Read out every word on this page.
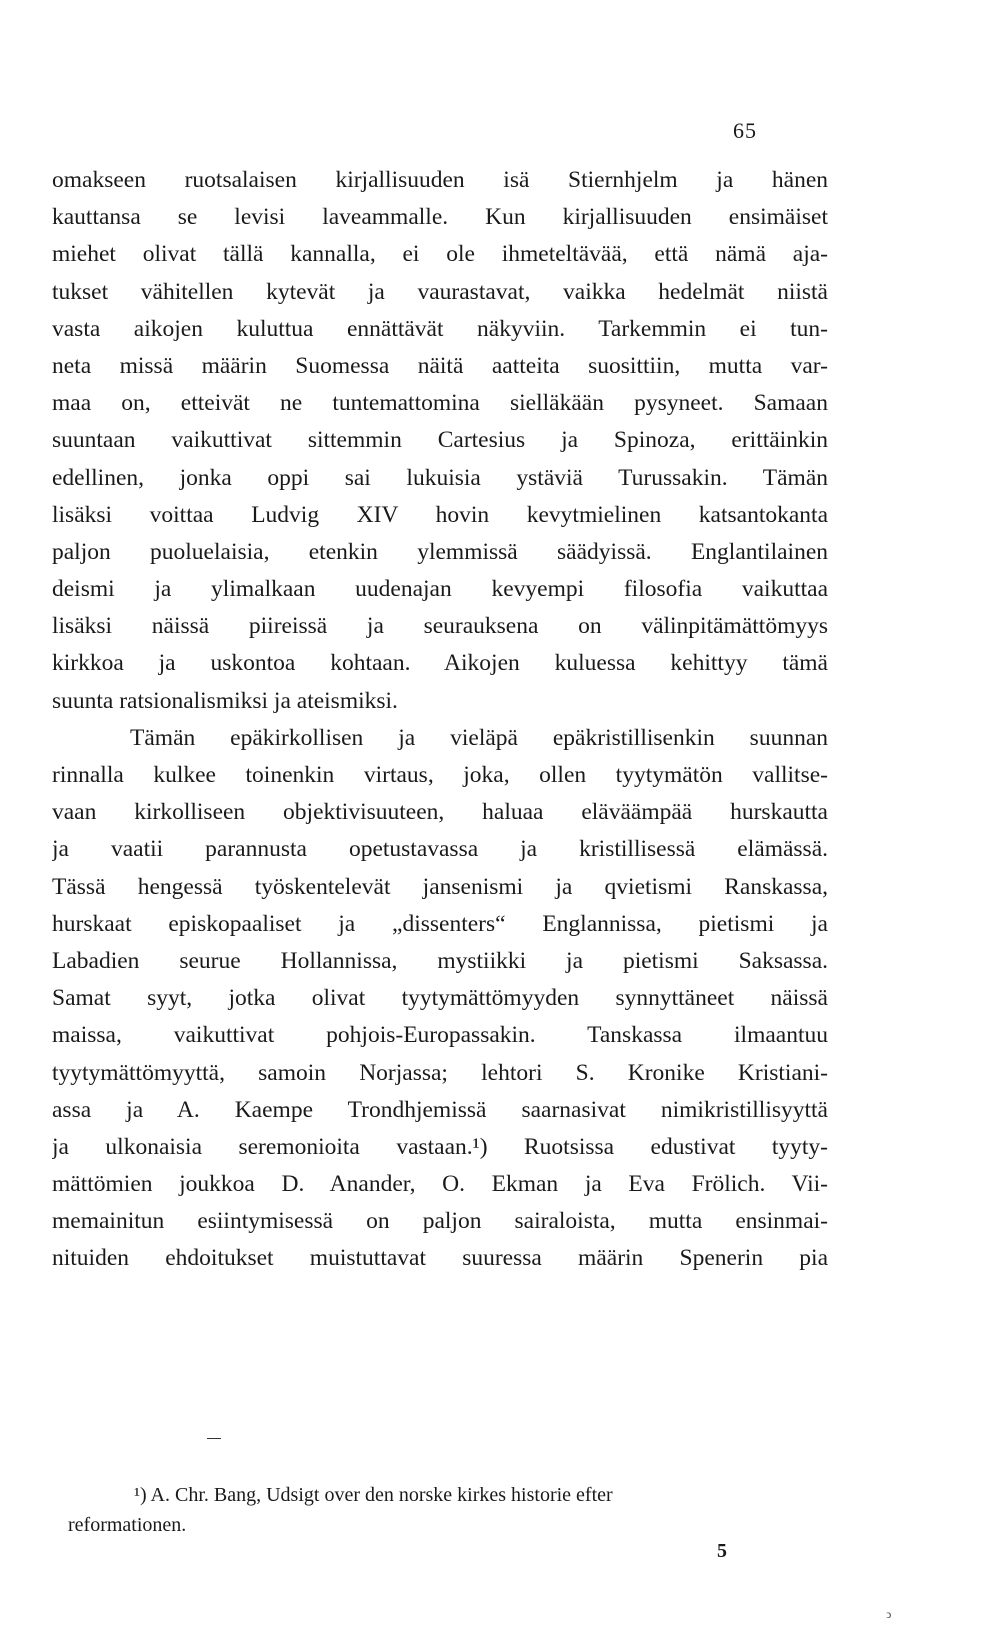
65
omakseen ruotsalaisen kirjallisuuden isä Stiernhjelm ja hänen
kauttansa se levisi laveammalle. Kun kirjallisuuden ensimäiset
miehet olivat tällä kannalla, ei ole ihmeteltävää, että nämä aja-
tukset vähitellen kytevät ja vaurastavat, vaikka hedelmät niistä
vasta aikojen kuluttua ennättävät näkyviin. Tarkemmin ei tun-
neta missä määrin Suomessa näitä aatteita suosittiin, mutta var-
maa on, etteivät ne tuntemattomina sielläkään pysyneet. Samaan
suuntaan vaikuttivat sittemmin Cartesius ja Spinoza, erittäinkin
edellinen, jonka oppi sai lukuisia ystäviä Turussakin. Tämän
lisäksi voittaa Ludvig XIV hovin kevytmielinen katsantokanta
paljon puoluelaisia, etenkin ylemmissä säädyissä. Englantilainen
deismi ja ylimalkaan uudenajan kevyempi filosofia vaikuttaa
lisäksi näissä piireissä ja seurauksena on välinpitämättömyys
kirkkoa ja uskontoa kohtaan. Aikojen kuluessa kehittyy tämä
suunta ratsionalismiksi ja ateismiksi.
Tämän epäkirkollisen ja vieläpä epäkristillisenkin suunnan
rinnalla kulkee toinenkin virtaus, joka, ollen tyytymätön vallitse-
vaan kirkolliseen objektivisuuteen, haluaa eläväämpää hurskautta
ja vaatii parannusta opetustavassa ja kristillisessä elämässä.
Tässä hengessä työskentelevät jansenismi ja qvietismi Ranskassa,
hurskaat episkopaaliset ja „dissenters“ Englannissa, pietismi ja
Labadien seurue Hollannissa, mystiikki ja pietismi Saksassa.
Samat syyt, jotka olivat tyytymättömyyden synnyttäneet näissä
maissa, vaikuttivat pohjois-Europassakin. Tanskassa ilmaantuu
tyytymättömyyttä, samoin Norjassa; lehtori S. Kronike Kristiani-
assa ja A. Kaempe Trondhjemissä saarnasivat nimikristillisyyttä
ja ulkonaisia seremonioita vastaan.¹) Ruotsissa edustivat tyyty-
mättömien joukkoa D. Anander, O. Ekman ja Eva Frölich. Vii-
memainitun esiintymisessä on paljon sairaloista, mutta ensinmai-
nituiden ehdoitukset muistuttavat suuressa määrin Spenerin pia
¹) A. Chr. Bang, Udsigt over den norske kirkes historie efter
reformationen.
5
ↄ
